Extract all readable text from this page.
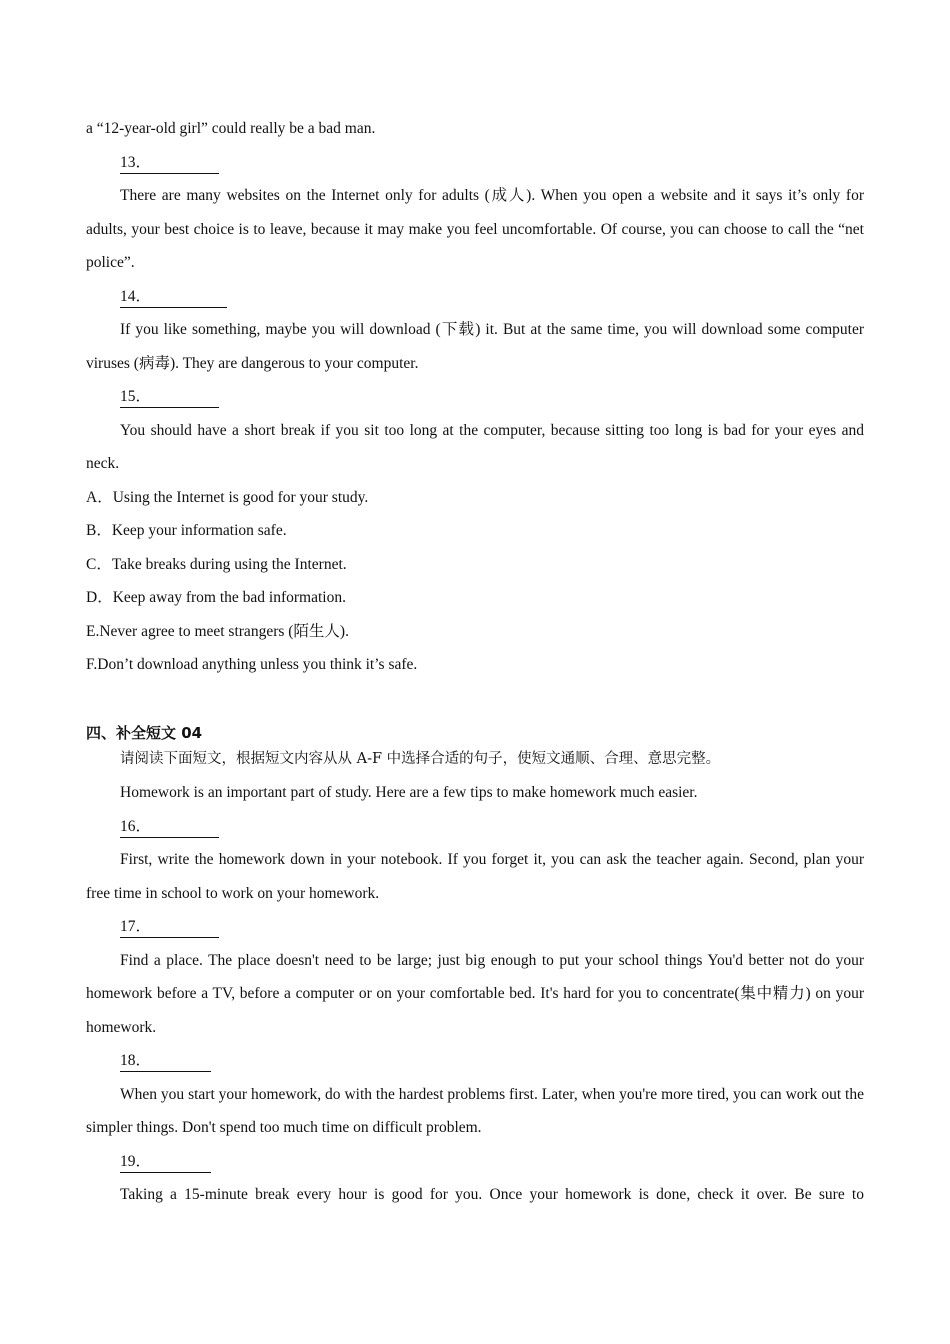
a “12-year-old girl” could really be a bad man.

13．

There are many websites on the Internet only for adults (成人). When you open a website and it says it’s only for adults, your best choice is to leave, because it may make you feel uncomfortable. Of course, you can choose to call the “net police”.

14．

If you like something, maybe you will download (下载) it. But at the same time, you will download some computer viruses (病毒). They are dangerous to your computer.

15．

You should have a short break if you sit too long at the computer, because sitting too long is bad for your eyes and neck.

A．Using the Internet is good for your study.

B．Keep your information safe.

C．Take breaks during using the Internet.

D．Keep away from the bad information.

E.Never agree to meet strangers (陌生人).

F.Don’t download anything unless you think it’s safe.

四、补全短文 04

请阅读下面短文，根据短文内容从从 A-F 中选择合适的句子，使短文通顺、合理、意思完整。

Homework is an important part of study. Here are a few tips to make homework much easier.

16．

First, write the homework down in your notebook. If you forget it, you can ask the teacher again. Second, plan your free time in school to work on your homework.

17．

Find a place. The place doesn't need to be large; just big enough to put your school things You'd better not do your homework before a TV, before a computer or on your comfortable bed. It's hard for you to concentrate(集中精力) on your homework.

18．

When you start your homework, do with the hardest problems first. Later, when you're more tired, you can work out the simpler things. Don't spend too much time on difficult problem.

19．

Taking a 15-minute break every hour is good for you. Once your homework is done, check it over. Be sure to
